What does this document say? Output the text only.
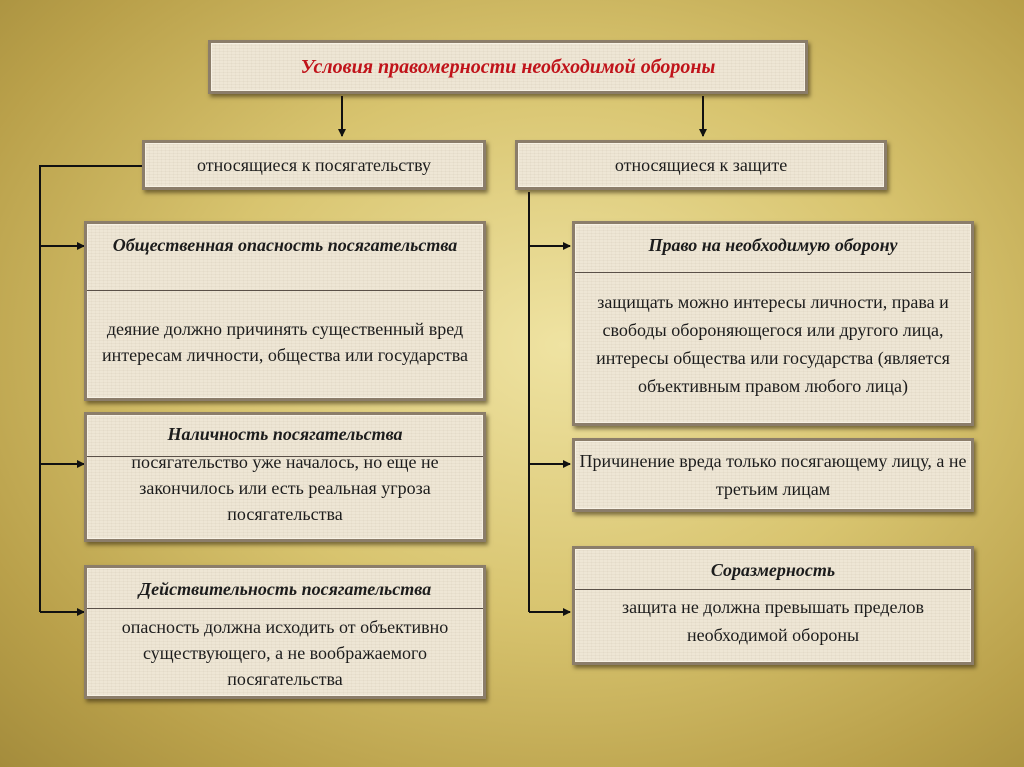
Условия правомерности необходимой обороны
относящиеся к посягательству	относящиеся к защите
Общественная опасность посягательства
деяние должно причинять существенный вред интересам личности, общества или государства
Наличность посягательства
посягательство уже началось, но еще не закончилось или есть реальная угроза посягательства
Действительность посягательства
опасность должна исходить от объективно существующего, а не воображаемого посягательства
Право на необходимую оборону
защищать можно интересы личности, права и свободы обороняющегося или другого лица, интересы общества или государства (является объективным правом любого лица)
Причинение вреда только посягающему лицу, а не третьим лицам
Соразмерность
защита не должна превышать пределов необходимой обороны
